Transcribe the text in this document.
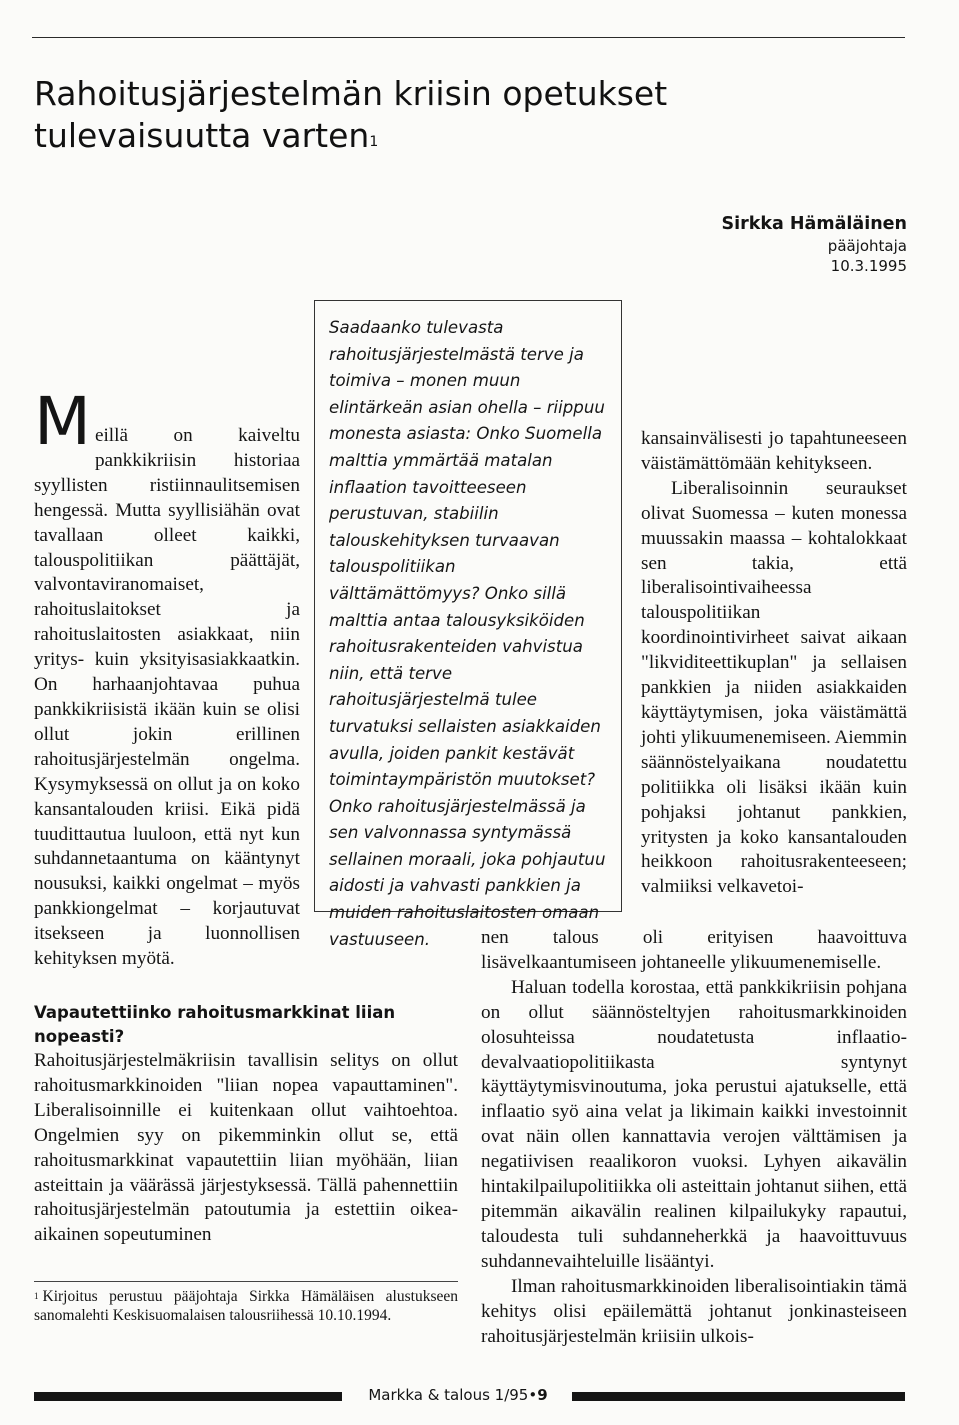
Rahoitusjärjestelmän kriisin opetukset
tulevaisuutta varten$^1$
Sirkka Hämäläinen
pääjohtaja
10.3.1995
M eillä on kaiveltu pankkikriisin historiaa syyllisten ristiinnaulitsemisen hengessä. Mutta syyllisiähän ovat tavallaan olleet kaikki, talouspolitiikan päättäjät, valvontaviranomaiset, rahoituslaitokset ja rahoituslaitosten asiakkaat, niin yritys- kuin yksityisasiakkaatkin. On harhaanjohtavaa puhua pankkikriisistä ikään kuin se olisi ollut jokin erillinen rahoitusjärjestelmän ongelma. Kysymyksessä on ollut ja on koko kansantalouden kriisi. Eikä pidä tuudittautua luuloon, että nyt kun suhdannetaantuma on kääntynyt nousuksi, kaikki ongelmat – myös pankkiongelmat – korjautuvat itsekseen ja luonnollisen kehityksen myötä.

Saadaanko tulevasta rahoitusjärjestelmästä terve ja toimiva – monen muun elintärkeän asian ohella – riippuu monesta asiasta: Onko Suomella malttia ymmärtää matalan inflaation tavoitteeseen perustuvan, stabiilin talouskehityksen turvaavan talouspolitiikan välttämättömyys? Onko sillä malttia antaa talousyksiköiden rahoitusrakenteiden vahvistua niin, että terve rahoitusjärjestelmä tulee turvatuksi sellaisten asiakkaiden avulla, joiden pankit kestävät toimintaympäristön muutokset? Onko rahoitusjärjestelmässä ja sen valvonnassa syntymässä sellainen moraali, joka pohjautuu aidosti ja vahvasti pankkien ja muiden rahoituslaitosten omaan vastuuseen.

kansainvälisesti jo tapahtuneeseen väistämättömään kehitykseen.

Liberalisoinnin seuraukset olivat Suomessa – kuten monessa muussakin maassa – kohtalokkaat sen takia, että liberalisointivaiheessa talouspolitiikan koordinointivirheet saivat aikaan "likviditeettikuplan" ja sellaisen pankkien ja niiden asiakkaiden käyttäytymisen, joka väistämättä johti ylikuumenemiseen. Aiemmin säännöstelyaikana noudatettu politiikka oli lisäksi ikään kuin pohjaksi johtanut pankkien, yritysten ja koko kansantalouden heikkoon rahoitusrakenteeseen; valmiiksi velkavetoi-

nen talous oli erityisen haavoittuva lisävelkaantumiseen johtaneelle ylikuumenemiselle.

Haluan todella korostaa, että pankkikriisin pohjana on ollut säännösteltyjen rahoitusmarkkinoiden olosuhteissa noudatetusta inflaatio-devalvaatiopolitiikasta syntynyt käyttäytymisvinoutuma, joka perustui ajatukselle, että inflaatio syö aina velat ja likimain kaikki investoinnit ovat näin ollen kannattavia verojen välttämisen ja negatiivisen reaalikoron vuoksi. Lyhyen aikavälin hintakilpailupolitiikka oli asteittain johtanut siihen, että pitemmän aikavälin realinen kilpailukyky rapautui, taloudesta tuli suhdanneherkkä ja haavoittuvuus suhdannevaihteluille lisääntyi.

Ilman rahoitusmarkkinoiden liberalisointiakin tämä kehitys olisi epäilemättä johtanut jonkinasteiseen rahoitusjärjestelmän kriisiin ulkois-

Vapautettiinko rahoitusmarkkinat liian nopeasti?

Rahoitusjärjestelmäkriisin tavallisin selitys on ollut rahoitusmarkkinoiden "liian nopea vapauttaminen". Liberalisoinnille ei kuitenkaan ollut vaihtoehtoa. Ongelmien syy on pikemminkin ollut se, että rahoitusmarkkinat vapautettiin liian myöhään, liian asteittain ja väärässä järjestyksessä. Tällä pahennettiin rahoitusjärjestelmän patoutumia ja estettiin oikea-aikainen sopeutuminen

$^1$ Kirjoitus perustuu pääjohtaja Sirkka Hämäläisen alustukseen sanomalehti Keskisuomalaisen talousriihessä 10.10.1994.
Markka & talous 1/95•9
